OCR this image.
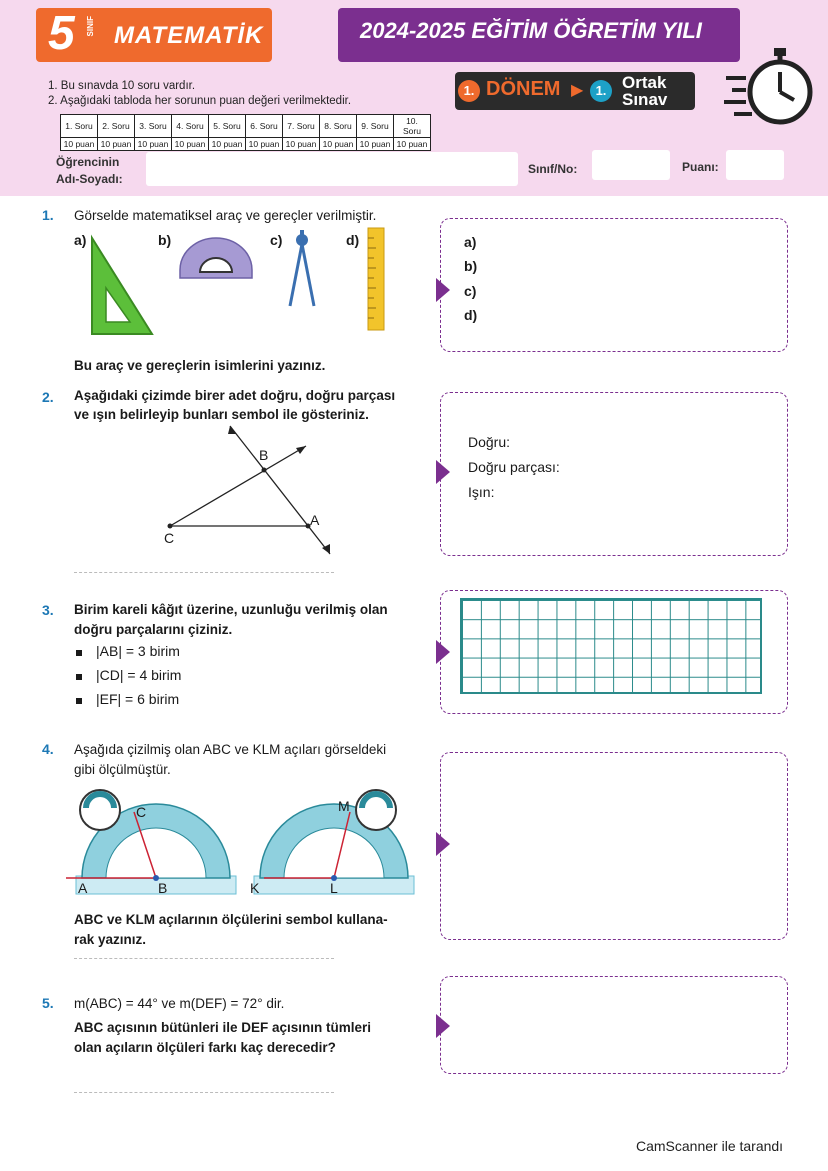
5 SINIF MATEMATİK	2024-2025 EĞİTİM ÖĞRETİM YILI
1. DÖNEM ▶ 1. Ortak
Sınav
1. Bu sınavda 10 soru vardır.
2. Aşağıdaki tabloda her sorunun puan değeri verilmektedir.
1. Soru	2. Soru	3. Soru	4. Soru	5. Soru	6. Soru	7. Soru	8. Soru	9. Soru	10. Soru
10 puan	10 puan	10 puan	10 puan	10 puan	10 puan	10 puan	10 puan	10 puan	10 puan
Öğrencinin
Adı-Soyadı:
Sınıf/No:	Puanı:
1. Görselde matematiksel araç ve gereçler verilmiştir.
a)	b)	c)	d)
Bu araç ve gereçlerin isimlerini yazınız.
a)
b)
c)
d)
2. Aşağıdaki çizimde birer adet doğru, doğru parçası
ve ışın belirleyip bunları sembol ile gösteriniz.
B
A
C
Doğru:
Doğru parçası:
Işın:
3. Birim kareli kâğıt üzerine, uzunluğu verilmiş olan
doğru parçalarını çiziniz.
|AB| = 3 birim
|CD| = 4 birim
|EF| = 6 birim
4. Aşağıda çizilmiş olan ABC ve KLM açıları görseldeki
gibi ölçülmüştür.
C
A	B
M
K	L
ABC ve KLM açılarının ölçülerini sembol kullana-
rak yazınız.
5. m(ABC) = 44° ve m(DEF) = 72° dir.
ABC açısının bütünleri ile DEF açısının tümleri
olan açıların ölçüleri farkı kaç derecedir?
CamScanner ile tarandı
